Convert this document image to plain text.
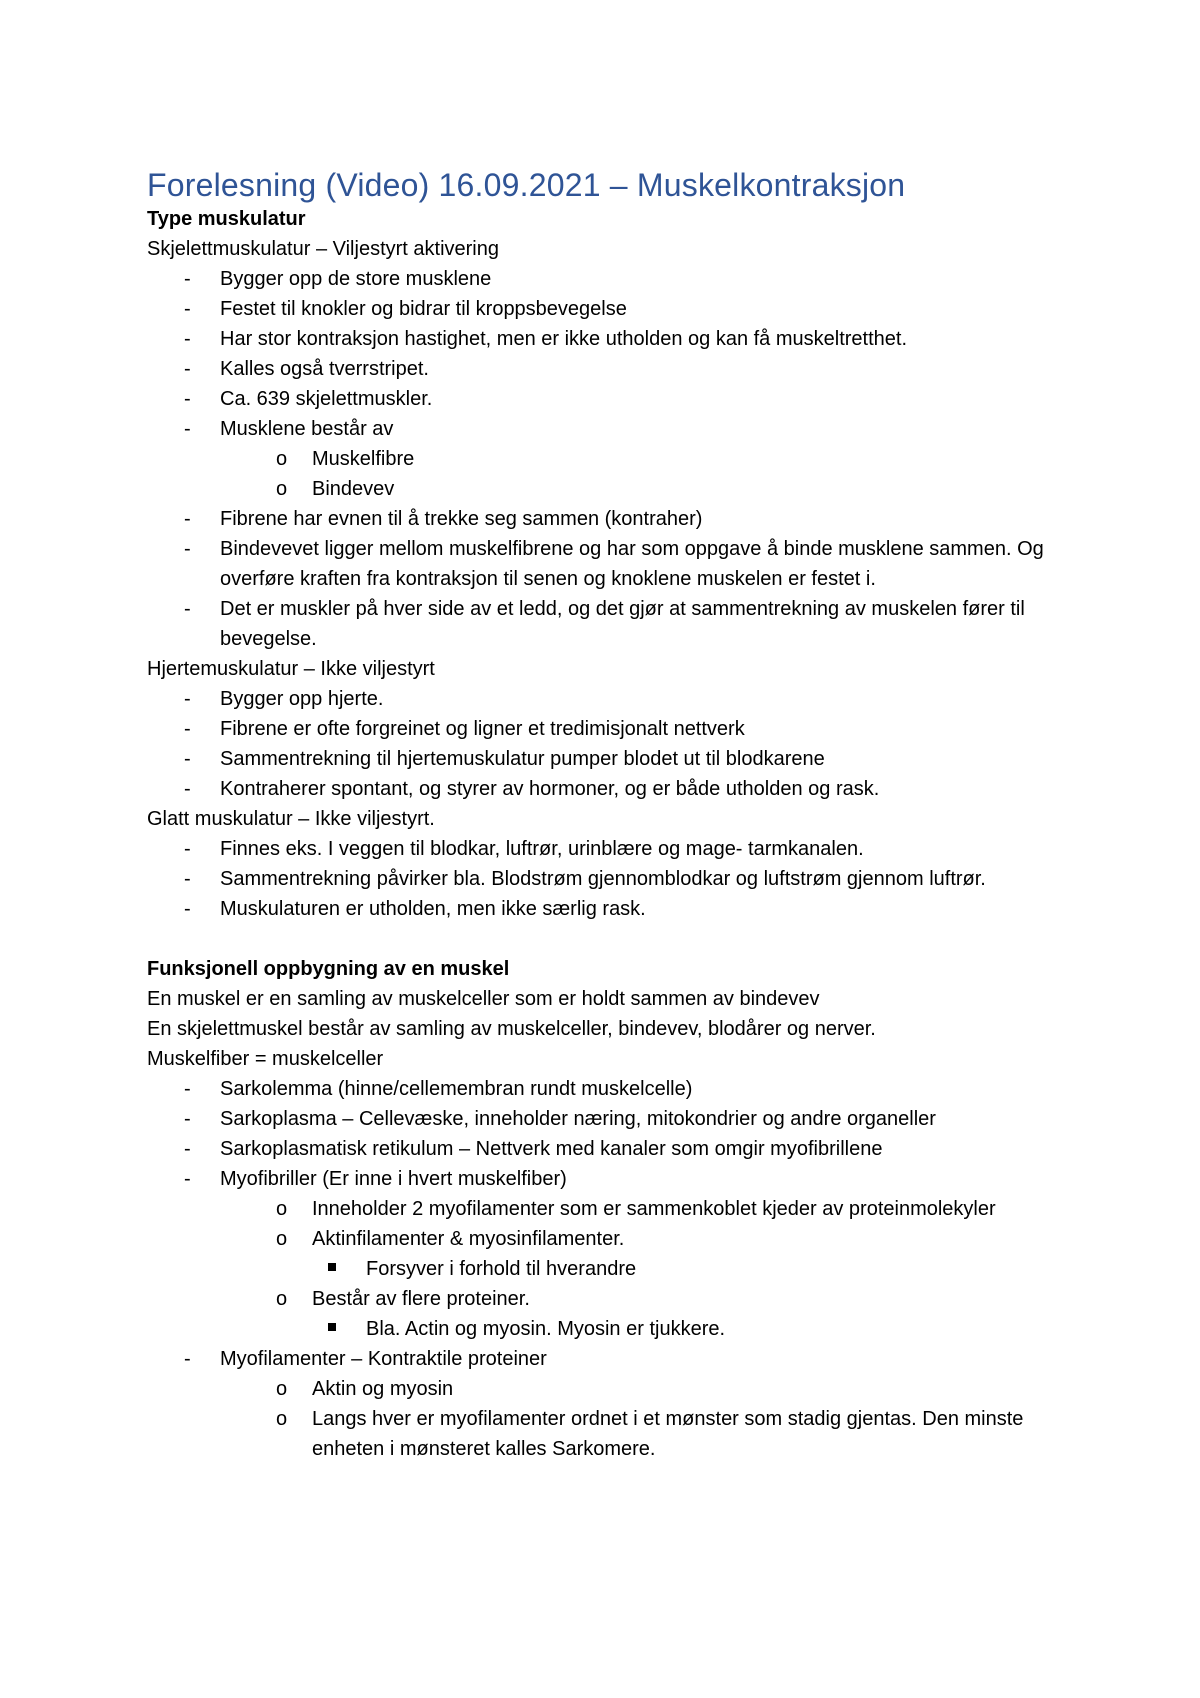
Forelesning (Video) 16.09.2021 – Muskelkontraksjon
Type muskulatur
Skjelettmuskulatur – Viljestyrt aktivering
- Bygger opp de store musklene
- Festet til knokler og bidrar til kroppsbevegelse
- Har stor kontraksjon hastighet, men er ikke utholden og kan få muskeltretthet.
- Kalles også tverrstripet.
- Ca. 639 skjelettmuskler.
- Musklene består av
o Muskelfibre
o Bindevev
- Fibrene har evnen til å trekke seg sammen (kontraher)
- Bindevevet ligger mellom muskelfibrene og har som oppgave å binde musklene sammen. Og overføre kraften fra kontraksjon til senen og knoklene muskelen er festet i.
- Det er muskler på hver side av et ledd, og det gjør at sammentrekning av muskelen fører til bevegelse.
Hjertemuskulatur – Ikke viljestyrt
- Bygger opp hjerte.
- Fibrene er ofte forgreinet og ligner et tredimisjonalt nettverk
- Sammentrekning til hjertemuskulatur pumper blodet ut til blodkarene
- Kontraherer spontant, og styrer av hormoner, og er både utholden og rask.
Glatt muskulatur – Ikke viljestyrt.
- Finnes eks. I veggen til blodkar, luftrør, urinblære og mage- tarmkanalen.
- Sammentrekning påvirker bla. Blodstrøm gjennomblodkar og luftstrøm gjennom luftrør.
- Muskulaturen er utholden, men ikke særlig rask.
Funksjonell oppbygning av en muskel
En muskel er en samling av muskelceller som er holdt sammen av bindevev
En skjelettmuskel består av samling av muskelceller, bindevev, blodårer og nerver.
Muskelfiber = muskelceller
- Sarkolemma (hinne/cellemembran rundt muskelcelle)
- Sarkoplasma – Cellevæske, inneholder næring, mitokondrier og andre organeller
- Sarkoplasmatisk retikulum – Nettverk med kanaler som omgir myofibrillene
- Myofibriller (Er inne i hvert muskelfiber)
o Inneholder 2 myofilamenter som er sammenkoblet kjeder av proteinmolekyler
o Aktinfilamenter & myosinfilamenter.
Forsyver i forhold til hverandre
o Består av flere proteiner.
Bla. Actin og myosin. Myosin er tjukkere.
- Myofilamenter – Kontraktile proteiner
o Aktin og myosin
o Langs hver er myofilamenter ordnet i et mønster som stadig gjentas. Den minste enheten i mønsteret kalles Sarkomere.
